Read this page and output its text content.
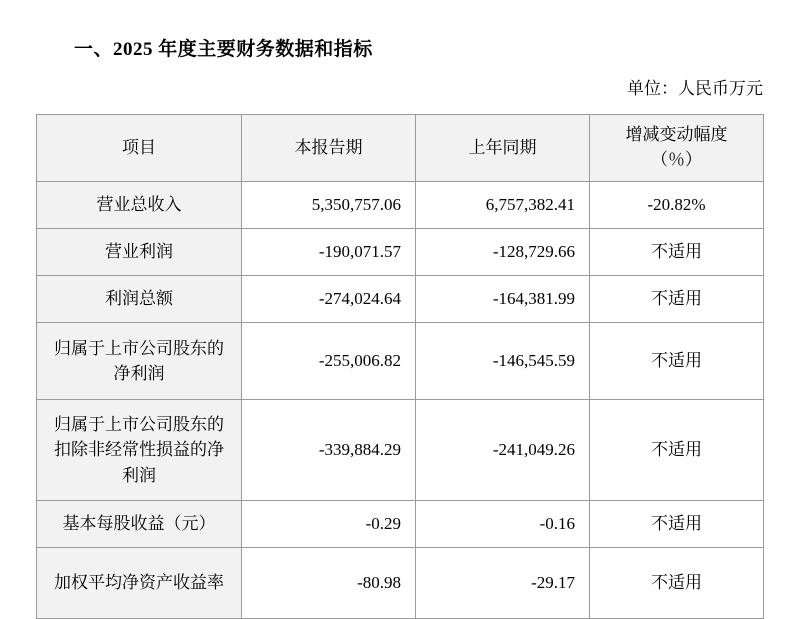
一、2025 年度主要财务数据和指标
单位：人民币万元
项目	本报告期	上年同期	增减变动幅度
（％）

营业总收入	5,350,757.06	6,757,382.41	-20.82%
营业利润	-190,071.57	-128,729.66	不适用
利润总额	-274,024.64	-164,381.99	不适用
归属于上市公司股东的净利润	-255,006.82	-146,545.59	不适用
归属于上市公司股东的扣除非经常性损益的净利润	-339,884.29	-241,049.26	不适用
基本每股收益（元）	-0.29	-0.16	不适用
加权平均净资产收益率	-80.98	-29.17	不适用
